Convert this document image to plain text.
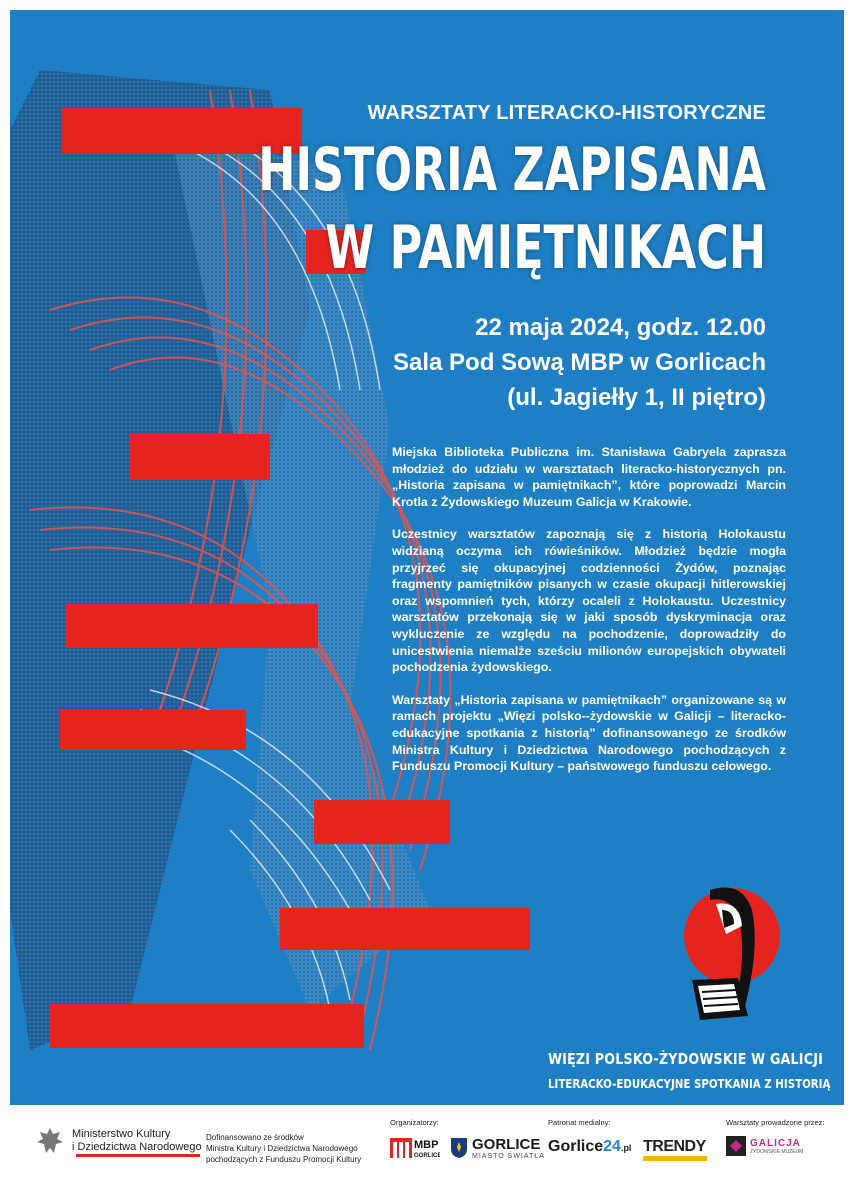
WARSZTATY LITERACKO-HISTORYCZNE
HISTORIA ZAPISANA
W PAMIĘTNIKACH
22 maja 2024, godz. 12.00
Sala Pod Sową MBP w Gorlicach
(ul. Jagiełły 1, II piętro)

Miejska Biblioteka Publiczna im. Stanisława Gabryela zaprasza młodzież do udziału w warsztatach literacko-historycznych pn. „Historia zapisana w pamiętnikach”, które poprowadzi Marcin Krotla z Żydowskiego Muzeum Galicja w Krakowie.

Uczestnicy warsztatów zapoznają się z historią Holokaustu widzianą oczyma ich rówieśników. Młodzież będzie mogła przyjrzeć się okupacyjnej codzienności Żydów, poznając fragmenty pamiętników pisanych w czasie okupacji hitlerowskiej oraz wspomnień tych, którzy ocaleli z Holokaustu. Uczestnicy warsztatów przekonają się w jaki sposób dyskryminacja oraz wykluczenie ze względu na pochodzenie, doprowadziły do unicestwienia niemalże sześciu milionów europejskich obywateli pochodzenia żydowskiego.

Warsztaty „Historia zapisana w pamiętnikach” organizowane są w ramach projektu „Więzi polsko--żydowskie w Galicji – literacko-edukacyjne spotkania z historią” dofinansowanego ze środków Ministra Kultury i Dziedzictwa Narodowego pochodzących z Funduszu Promocji Kultury – państwowego funduszu celowego.

WIĘZI POLSKO-ŻYDOWSKIE W GALICJI
LITERACKO-EDUKACYJNE SPOTKANIA Z HISTORIĄ
Ministerstwo Kultury
i Dziedzictwa Narodowego
Dofinansowano ze środków
Ministra Kultury i Dziedzictwa Narodowego
pochodzących z Funduszu Promocji Kultury
Organizatorzy:	Patronat medialny:	Warsztaty prowadzone przez:
MBP
GORLICE
GORLICE
MIASTO ŚWIATŁA
Gorlice24.pl TRENDY	GALICJA
ŻYDOWSKIE MUZEUM
